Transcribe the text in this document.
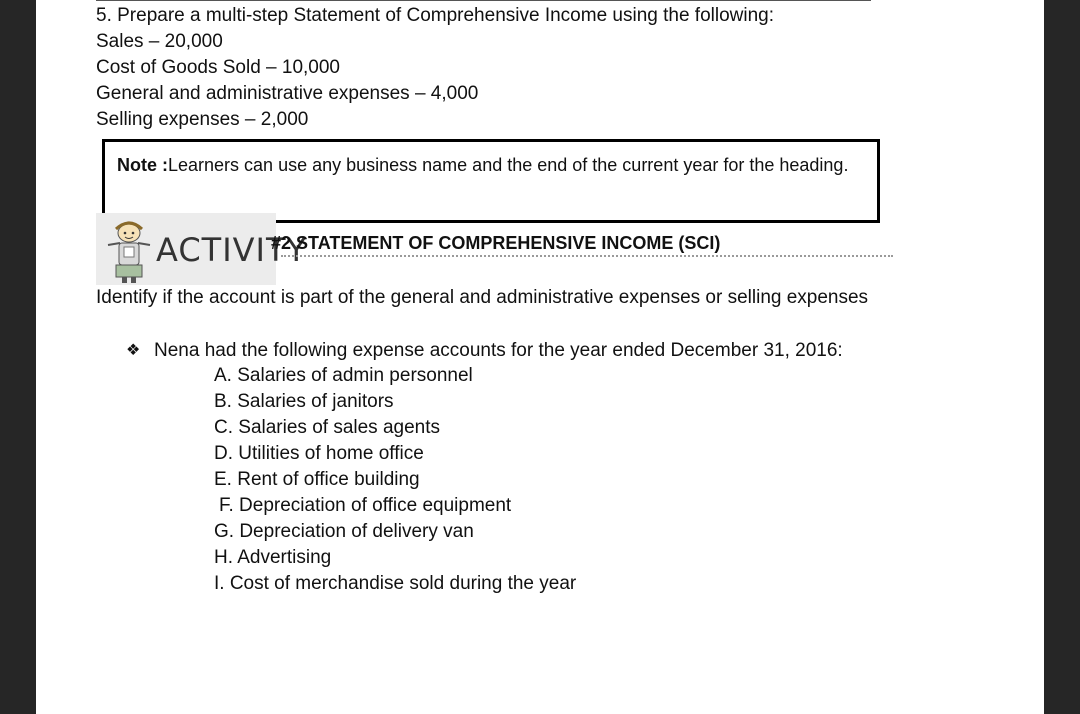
5. Prepare a multi-step Statement of Comprehensive Income using the following:
Sales – 20,000
Cost of Goods Sold – 10,000
General and administrative expenses – 4,000
Selling expenses – 2,000
Note :Learners can use any business name and the end of the current year for the heading.
ACTIVITY
#2 STATEMENT OF COMPREHENSIVE INCOME (SCI)
Identify if the account is part of the general and administrative expenses or selling expenses
❖ Nena had the following expense accounts for the year ended December 31, 2016:
A. Salaries of admin personnel
B. Salaries of janitors
C. Salaries of sales agents
D. Utilities of home office
E. Rent of office building
F. Depreciation of office equipment
G. Depreciation of delivery van
H. Advertising
I. Cost of merchandise sold during the year
